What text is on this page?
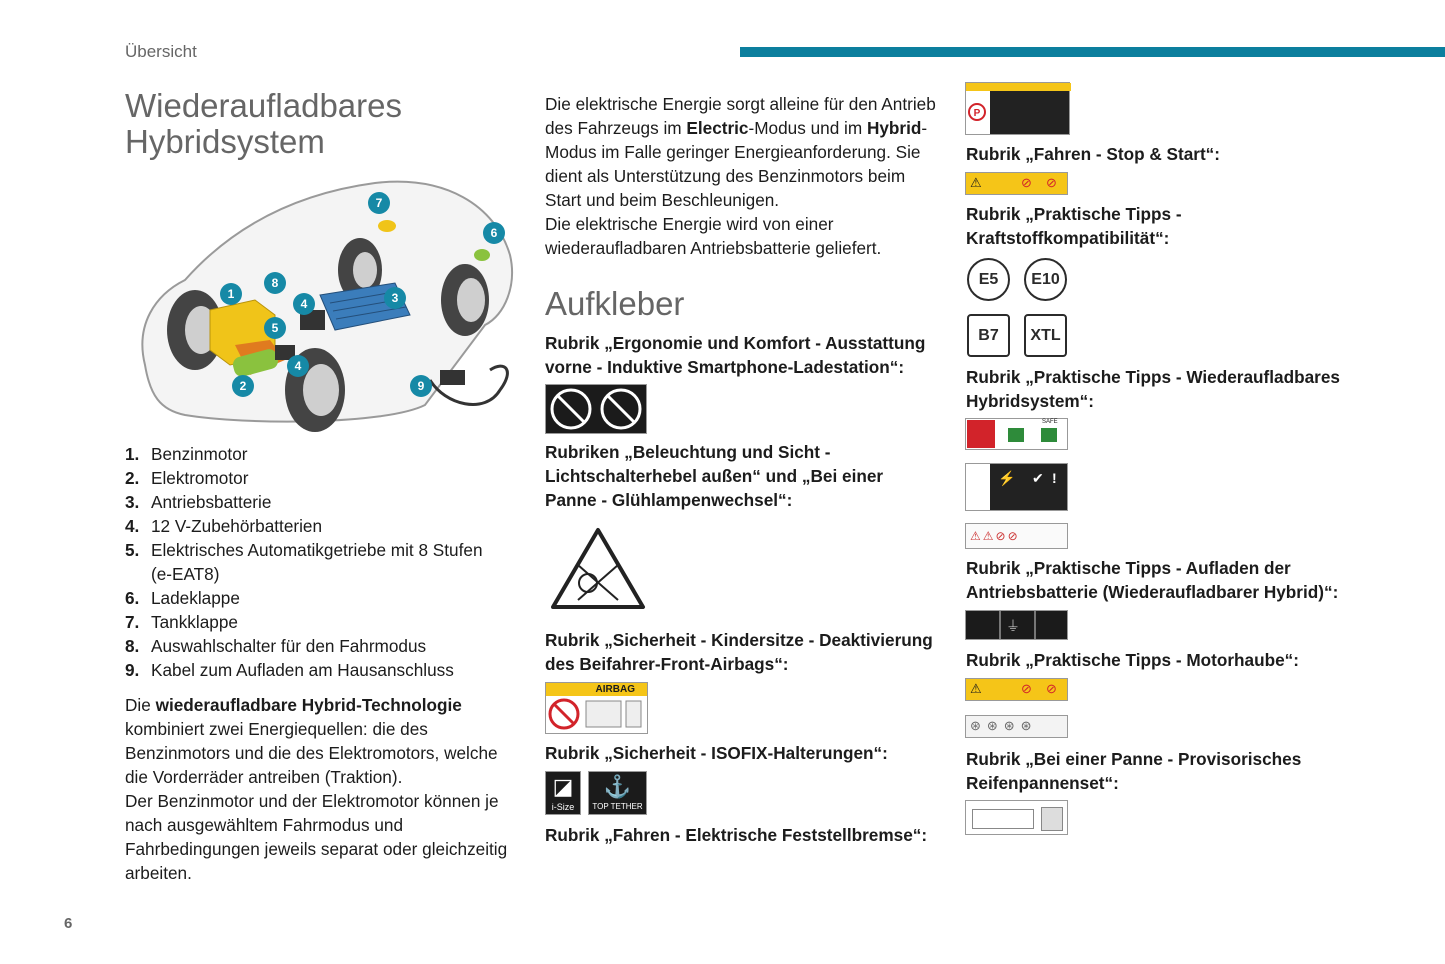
Übersicht
Wiederaufladbares
Hybridsystem
1
2
3
4
4
5
6
7
8
9
1. Benzinmotor
2. Elektromotor
3. Antriebsbatterie
4. 12 V-Zubehörbatterien
5. Elektrisches Automatikgetriebe mit 8 Stufen (e-EAT8)
6. Ladeklappe
7. Tankklappe
8. Auswahlschalter für den Fahrmodus
9. Kabel zum Aufladen am Hausanschluss
Die wiederaufladbare Hybrid-Technologie kombiniert zwei Energiequellen: die des Benzinmotors und die des Elektromotors, welche die Vorderräder antreiben (Traktion).
Der Benzinmotor und der Elektromotor können je nach ausgewähltem Fahrmodus und Fahrbedingungen jeweils separat oder gleichzeitig arbeiten.
Die elektrische Energie sorgt alleine für den Antrieb des Fahrzeugs im Electric-Modus und im Hybrid-Modus im Falle geringer Energieanforderung. Sie dient als Unterstützung des Benzinmotors beim Start und beim Beschleunigen.
Die elektrische Energie wird von einer wiederaufladbaren Antriebsbatterie geliefert.
Aufkleber
Rubrik „Ergonomie und Komfort - Ausstattung vorne - Induktive Smartphone-Ladestation“:
Rubriken „Beleuchtung und Sicht - Lichtschalterhebel außen“ und „Bei einer Panne - Glühlampenwechsel“:
Rubrik „Sicherheit - Kindersitze - Deaktivierung des Beifahrer-Front-Airbags“:
AIRBAG
Rubrik „Sicherheit - ISOFIX-Halterungen“:
◪
i-Size
⚓
TOP TETHER
Rubrik „Fahren - Elektrische Feststellbremse“:
P
Rubrik „Fahren - Stop & Start“:
⚠	⊘ ⊘
Rubrik „Praktische Tipps - Kraftstoffkompatibilität“:
E5	E10
B7	XTL
Rubrik „Praktische Tipps - Wiederaufladbares Hybridsystem“:
SAFE
⚡ ✔ !
⚠⚠⊘⊘
Rubrik „Praktische Tipps - Aufladen der Antriebsbatterie (Wiederaufladbarer Hybrid)“:
⏚
Rubrik „Praktische Tipps - Motorhaube“:
⚠	⊘ ⊘
⊛⊛⊛⊛
Rubrik „Bei einer Panne - Provisorisches Reifenpannenset“:
6
